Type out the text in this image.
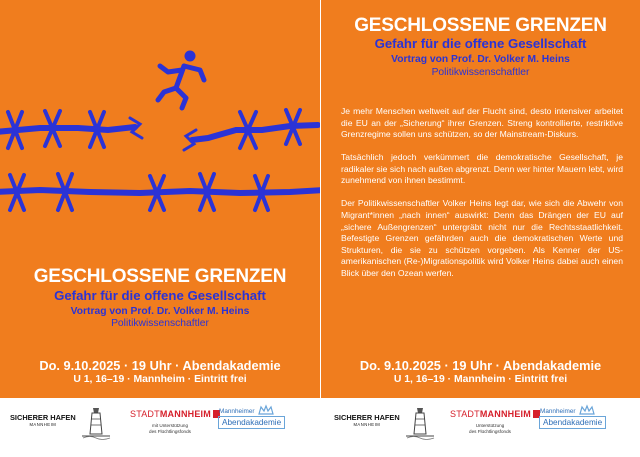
GESCHLOSSENE GRENZEN
Gefahr für die offene Gesellschaft
Vortrag von Prof. Dr. Volker M. Heins
Politikwissenschaftler
Do. 9.10.2025 · 19 Uhr · Abendakademie
U 1, 16–19 · Mannheim · Eintritt frei
GESCHLOSSENE GRENZEN
Gefahr für die offene Gesellschaft
Vortrag von Prof. Dr. Volker M. Heins
Politikwissenschaftler

Je mehr Menschen weltweit auf der Flucht sind, desto intensiver arbeitet die EU an der „Sicherung“ ihrer Grenzen. Streng kontrollierte, restriktive Grenzregime sollen uns schützen, so der Mainstream-Diskurs.

Tatsächlich jedoch verkümmert die demokratische Gesellschaft, je radikaler sie sich nach außen abgrenzt. Denn wer hinter Mauern lebt, wird zunehmend von ihnen bestimmt.

Der Politikwissenschaftler Volker Heins legt dar, wie sich die Abwehr von Migrant*innen „nach innen“ auswirkt: Denn das Drängen der EU auf „sichere Außengrenzen“ untergräbt nicht nur die Rechtsstaatlichkeit. Befestigte Grenzen gefährden auch die demokratischen Werte und Strukturen, die sie zu schützen vorgeben. Als Kenner der US-amerikanischen (Re-)Migrationspolitik wird Volker Heins dabei auch einen Blick über den Ozean werfen.

Do. 9.10.2025 · 19 Uhr · Abendakademie
U 1, 16–19 · Mannheim · Eintritt frei
SICHERER HAFEN
MANNHEIM
STADTMANNHEIM
mit Unterstützung
des Flüchtlingsfonds
Mannheimer
Abendakademie
SICHERER HAFEN
MANNHEIM
STADTMANNHEIM
Unterstützung
des Flüchtlingsfonds
Mannheimer
Abendakademie
